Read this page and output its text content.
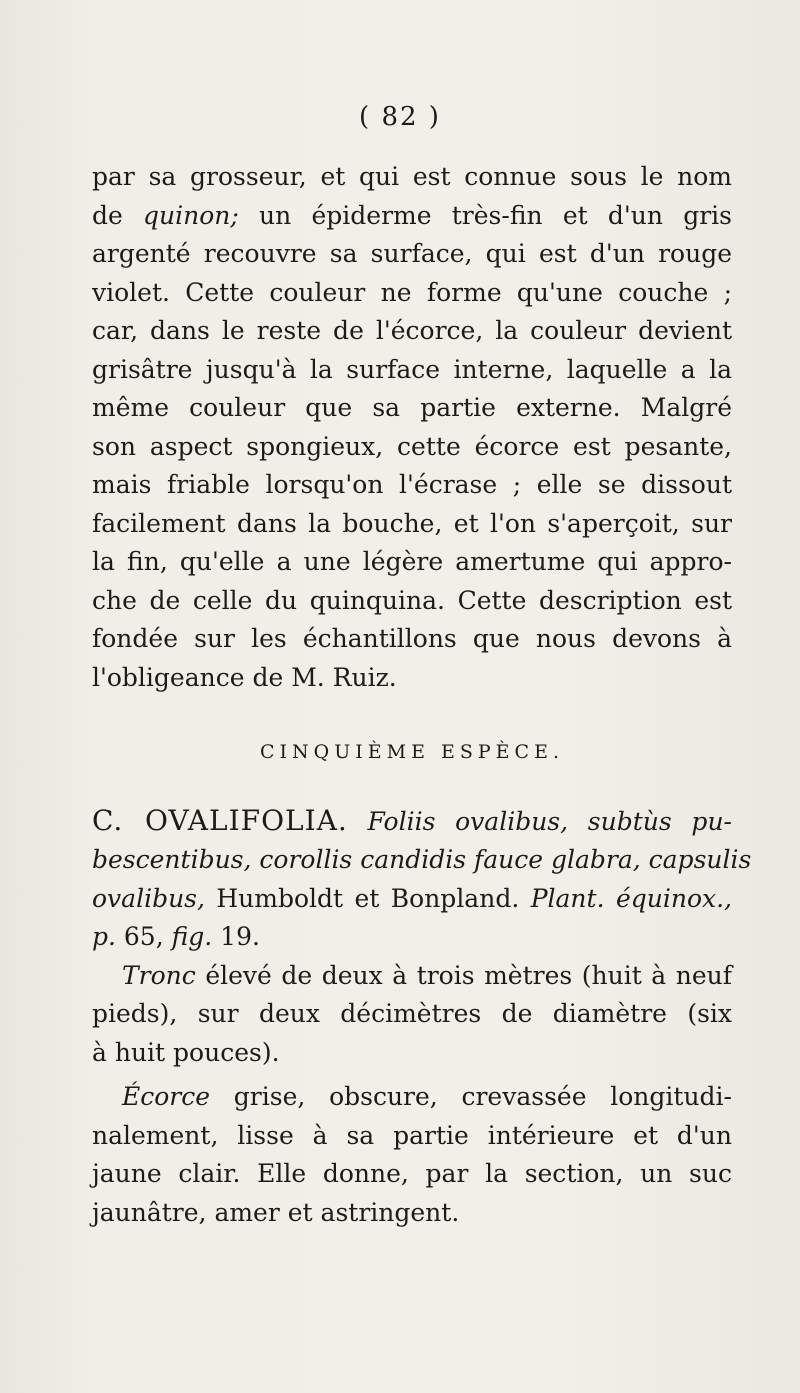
( 82 )
par sa grosseur, et qui est connue sous le nom
de quinon; un épiderme très-fin et d'un gris
argenté recouvre sa surface, qui est d'un rouge
violet. Cette couleur ne forme qu'une couche ;
car, dans le reste de l'écorce, la couleur devient
grisâtre jusqu'à la surface interne, laquelle a la
même couleur que sa partie externe. Malgré
son aspect spongieux, cette écorce est pesante,
mais friable lorsqu'on l'écrase ; elle se dissout
facilement dans la bouche, et l'on s'aperçoit, sur
la fin, qu'elle a une légère amertume qui appro-
che de celle du quinquina. Cette description est
fondée sur les échantillons que nous devons à
l'obligeance de M. Ruiz.
CINQUIÈME ESPÈCE.
C. OVALIFOLIA. Foliis ovalibus, subtùs pu-
bescentibus, corollis candidis fauce glabra, capsulis
ovalibus, Humboldt et Bonpland. Plant. équinox.,
p. 65, fig. 19.
Tronc élevé de deux à trois mètres (huit à neuf
pieds), sur deux décimètres de diamètre (six
à huit pouces).
Écorce grise, obscure, crevassée longitudi-
nalement, lisse à sa partie intérieure et d'un
jaune clair. Elle donne, par la section, un suc
jaunâtre, amer et astringent.
